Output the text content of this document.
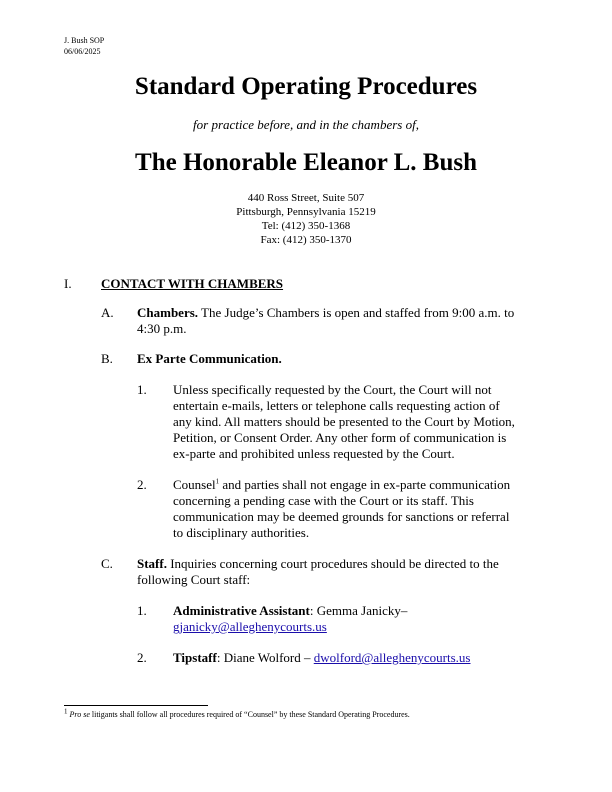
J. Bush SOP
06/06/2025
Standard Operating Procedures
for practice before, and in the chambers of,
The Honorable Eleanor L. Bush
440 Ross Street, Suite 507
Pittsburgh, Pennsylvania 15219
Tel: (412) 350-1368
Fax: (412) 350-1370
I. CONTACT WITH CHAMBERS
A. Chambers. The Judge’s Chambers is open and staffed from 9:00 a.m. to
4:30 p.m.
B. Ex Parte Communication.
1. Unless specifically requested by the Court, the Court will not
entertain e-mails, letters or telephone calls requesting action of
any kind. All matters should be presented to the Court by Motion,
Petition, or Consent Order. Any other form of communication is
ex-parte and prohibited unless requested by the Court.
2. Counsel$^1$ and parties shall not engage in ex-parte communication
concerning a pending case with the Court or its staff. This
communication may be deemed grounds for sanctions or referral
to disciplinary authorities.
C. Staff. Inquiries concerning court procedures should be directed to the
following Court staff:
1. Administrative Assistant: Gemma Janicky–
gjanicky@alleghenycourts.us
2. Tipstaff: Diane Wolford – dwolford@alleghenycourts.us
$^1$ Pro se litigants shall follow all procedures required of “Counsel” by these Standard Operating Procedures.
